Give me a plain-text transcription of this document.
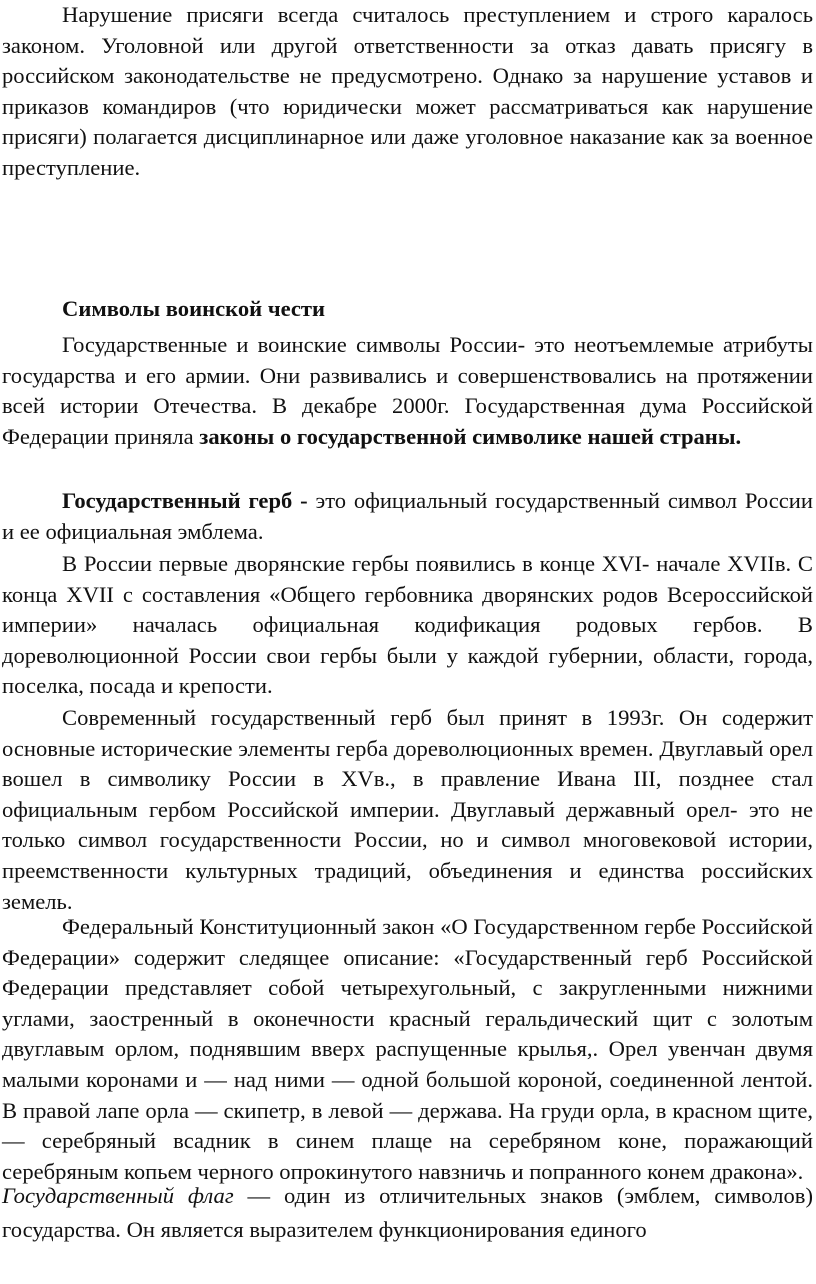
Нарушение присяги всегда считалось преступлением и строго каралось законом. Уголовной или другой ответственности за отказ давать присягу в российском законодательстве не предусмотрено. Однако за нарушение уставов и приказов командиров (что юридически может рассматриваться как нарушение присяги) полагается дисциплинарное или даже уголовное наказание как за военное преступление.

Символы воинской чести

Государственные и воинские символы России- это неотъемлемые атрибуты государства и его армии. Они развивались и совершенствовались на протяжении всей истории Отечества. В декабре 2000г. Государственная дума Российской Федерации приняла законы о государственной символике нашей страны.

Государственный герб - это официальный государственный символ России и ее официальная эмблема.

В России первые дворянские гербы появились в конце XVI- начале XVIIв. С конца XVII с составления «Общего гербовника дворянских родов Всероссийской империи» началась официальная кодификация родовых гербов. В дореволюционной России свои гербы были у каждой губернии, области, города, поселка, посада и крепости.

Современный государственный герб был принят в 1993г. Он содержит основные исторические элементы герба дореволюционных времен. Двуглавый орел вошел в символику России в XVв., в правление Ивана III, позднее стал официальным гербом Российской империи. Двуглавый державный орел- это не только символ государственности России, но и символ многовековой истории, преемственности культурных традиций, объединения и единства российских земель.

Федеральный Конституционный закон «О Государственном гербе Российской Федерации» содержит следящее описание: «Государственный герб Российской Федерации представляет собой четырехугольный, с закругленными нижними углами, заостренный в оконечности красный геральдический щит с золотым двуглавым орлом, поднявшим вверх распущенные крылья,. Орел увенчан двумя малыми коронами и — над ними — одной большой короной, соединенной лентой. В правой лапе орла — скипетр, в левой — держава. На груди орла, в красном щите, — серебряный всадник в синем плаще на серебряном коне, поражающий серебряным копьем черного опрокинутого навзничь и попранного конем дракона».

Государственный флаг — один из отличительных знаков (эмблем, символов) государства. Он является выразителем функционирования единого
